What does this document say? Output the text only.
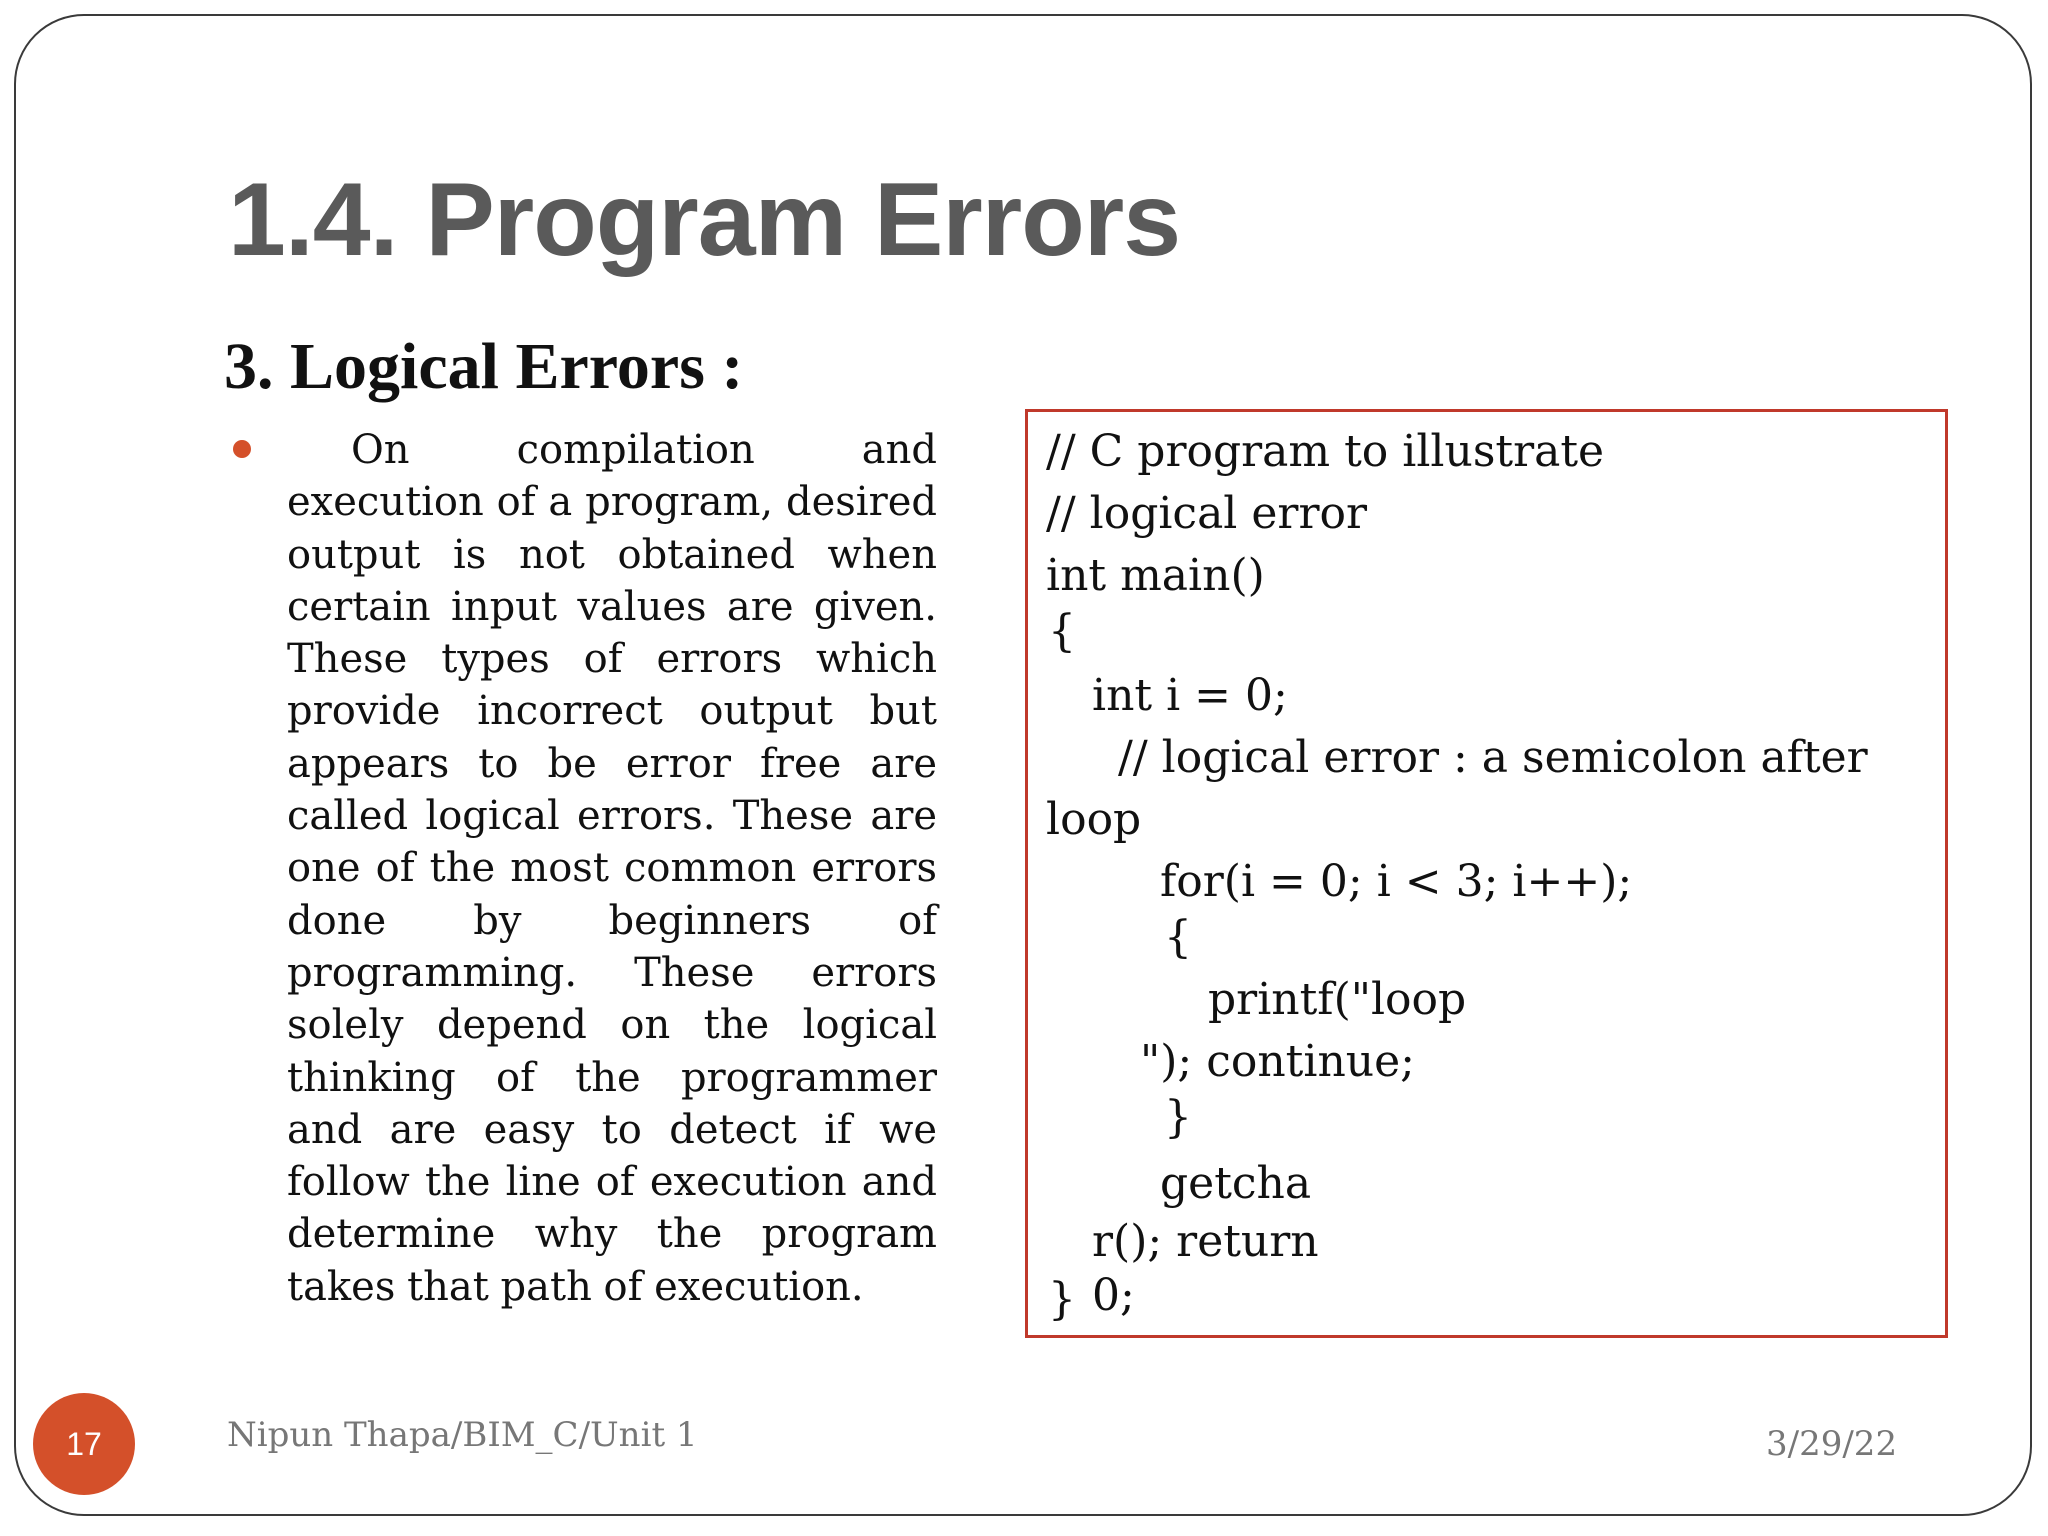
1.4. Program Errors
3. Logical Errors :

On compilation and execution of a program, desired output is not obtained when certain input values are given. These types of errors which provide incorrect output but appears to be error free are called logical errors. These are one of the most common errors done by beginners of programming. These errors solely depend on the logical thinking of the programmer and are easy to detect if we follow the line of execution and determine why the program takes that path of execution.

// C program to illustrate
// logical error
int main()
{
int i = 0;
// logical error : a semicolon after
loop
for(i = 0; i < 3; i++);
{
printf("loop
"); continue;
}
getcha
r(); return
} 0;
17	Nipun Thapa/BIM_C/Unit 1	3/29/22
